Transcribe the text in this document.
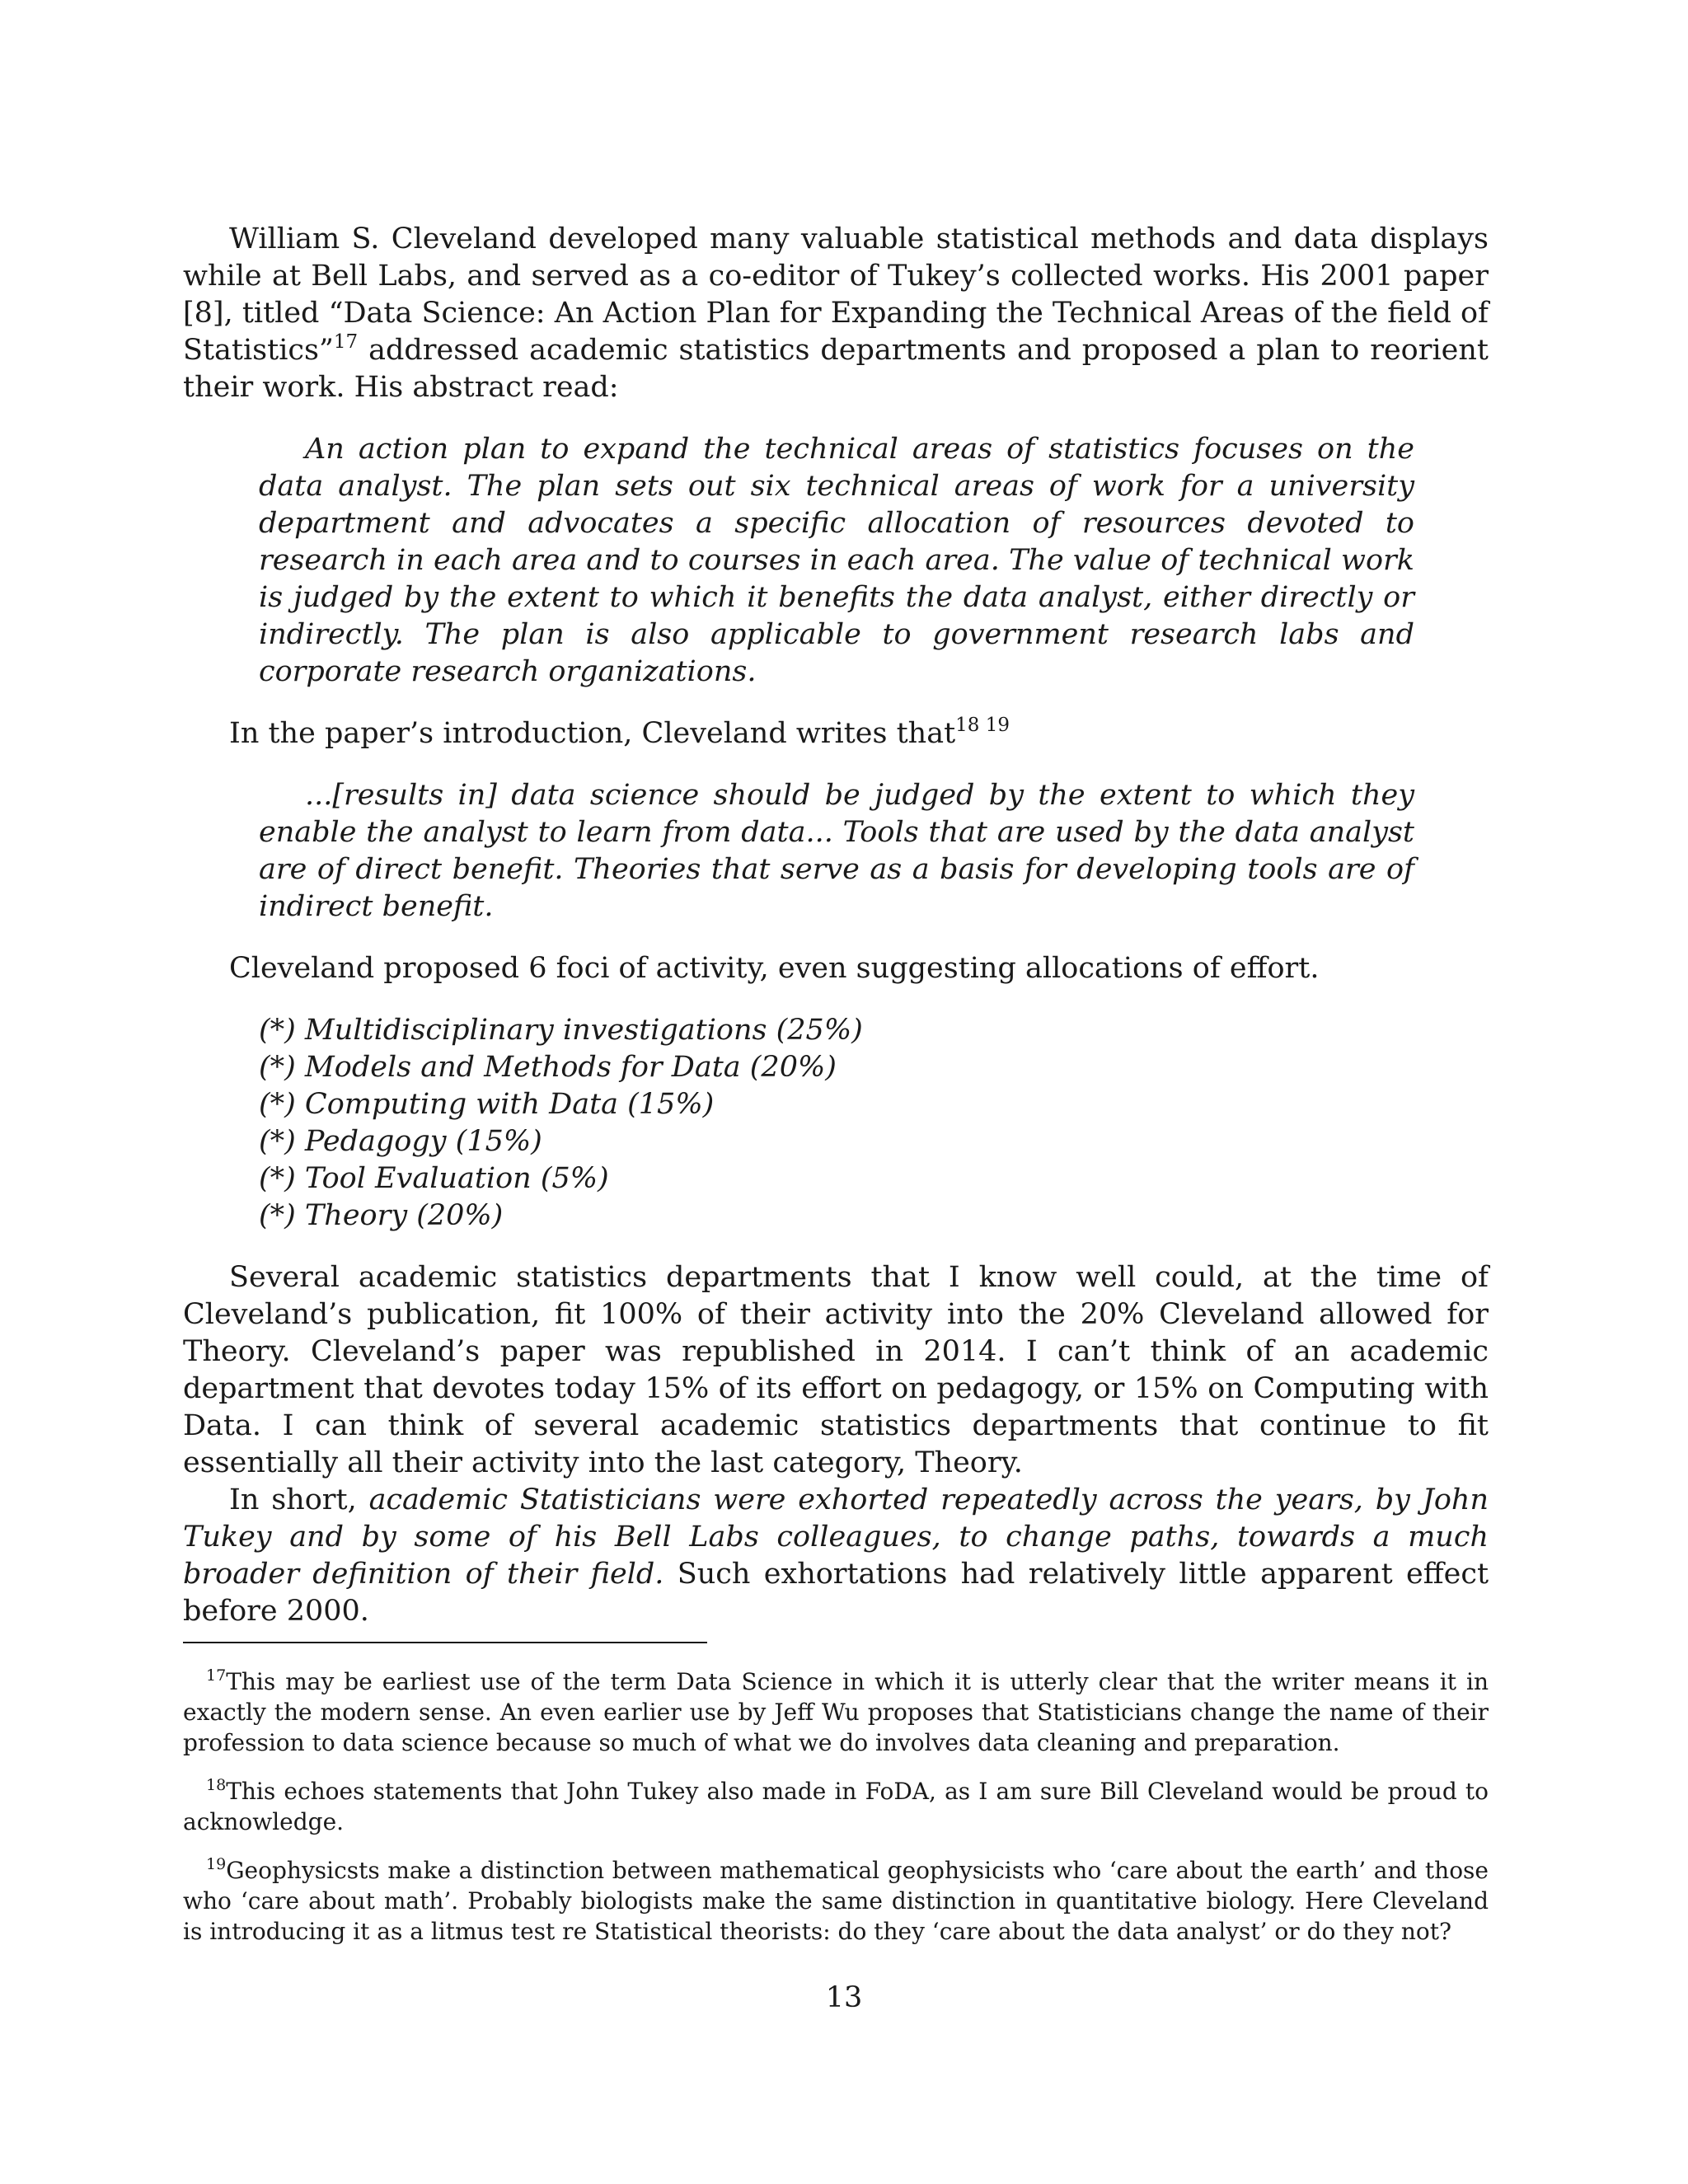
William S. Cleveland developed many valuable statistical methods and data displays while at Bell Labs, and served as a co-editor of Tukey’s collected works. His 2001 paper [8], titled “Data Science: An Action Plan for Expanding the Technical Areas of the field of Statistics”$^{17}$ addressed academic statistics departments and proposed a plan to reorient their work. His abstract read:

An action plan to expand the technical areas of statistics focuses on the data analyst. The plan sets out six technical areas of work for a university department and advocates a specific allocation of resources devoted to research in each area and to courses in each area. The value of technical work is judged by the extent to which it benefits the data analyst, either directly or indirectly. The plan is also applicable to government research labs and corporate research organizations.

In the paper’s introduction, Cleveland writes that$^{18}$ $^{19}$

...[results in] data science should be judged by the extent to which they enable the analyst to learn from data... Tools that are used by the data analyst are of direct benefit. Theories that serve as a basis for developing tools are of indirect benefit.

Cleveland proposed 6 foci of activity, even suggesting allocations of effort.

(*) Multidisciplinary investigations (25%)
(*) Models and Methods for Data (20%)
(*) Computing with Data (15%)
(*) Pedagogy (15%)
(*) Tool Evaluation (5%)
(*) Theory (20%)

Several academic statistics departments that I know well could, at the time of Cleveland’s publication, fit 100% of their activity into the 20% Cleveland allowed for Theory. Cleveland’s paper was republished in 2014. I can’t think of an academic department that devotes today 15% of its effort on pedagogy, or 15% on Computing with Data. I can think of several academic statistics departments that continue to fit essentially all their activity into the last category, Theory.

In short, academic Statisticians were exhorted repeatedly across the years, by John Tukey and by some of his Bell Labs colleagues, to change paths, towards a much broader definition of their field. Such exhortations had relatively little apparent effect before 2000.

$^{17}$This may be earliest use of the term Data Science in which it is utterly clear that the writer means it in exactly the modern sense. An even earlier use by Jeff Wu proposes that Statisticians change the name of their profession to data science because so much of what we do involves data cleaning and preparation.

$^{18}$This echoes statements that John Tukey also made in FoDA, as I am sure Bill Cleveland would be proud to acknowledge.

$^{19}$Geophysicsts make a distinction between mathematical geophysicists who ‘care about the earth’ and those who ‘care about math’. Probably biologists make the same distinction in quantitative biology. Here Cleveland is introducing it as a litmus test re Statistical theorists: do they ‘care about the data analyst’ or do they not?

13
